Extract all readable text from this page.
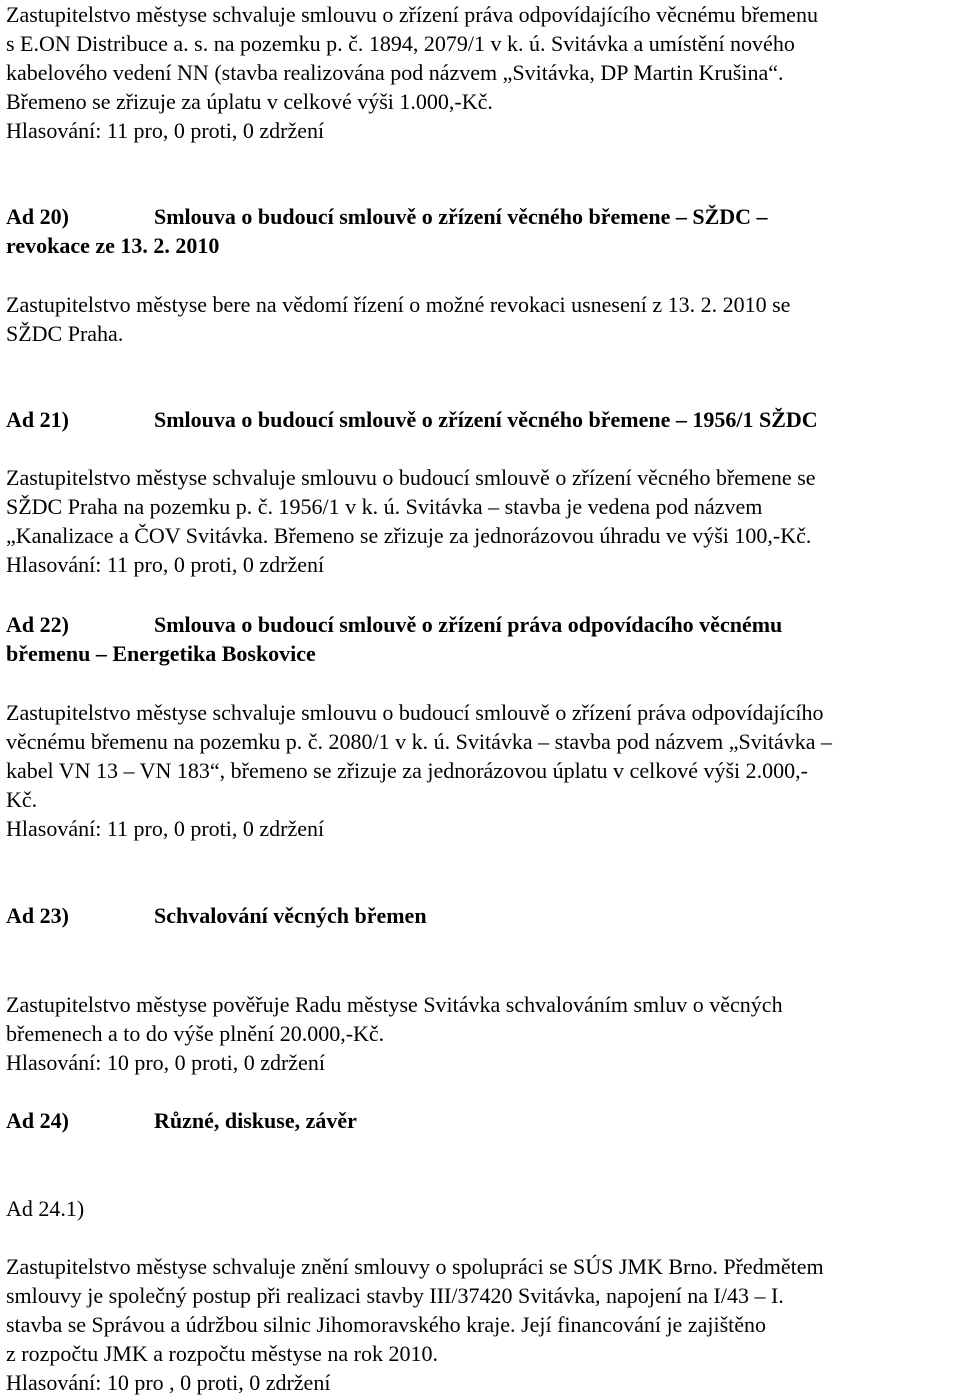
Zastupitelstvo městyse schvaluje smlouvu o zřízení práva odpovídajícího věcnému břemenu
s E.ON Distribuce a. s. na pozemku p. č. 1894, 2079/1 v k. ú. Svitávka a umístění nového
kabelového vedení NN (stavba realizována pod názvem „Svitávka, DP Martin Krušina“.
Břemeno se zřizuje za úplatu v celkové výši 1.000,-Kč.
Hlasování: 11 pro, 0 proti, 0 zdržení
Ad 20)	Smlouva o budoucí smlouvě o zřízení věcného břemene – SŽDC –
revokace ze 13. 2. 2010
Zastupitelstvo městyse bere na vědomí řízení o možné revokaci usnesení z 13. 2. 2010 se
SŽDC Praha.
Ad 21)	Smlouva o budoucí smlouvě o zřízení věcného břemene – 1956/1 SŽDC
Zastupitelstvo městyse schvaluje smlouvu o budoucí smlouvě o zřízení věcného břemene se
SŽDC Praha na pozemku p. č. 1956/1 v k. ú. Svitávka – stavba je vedena pod názvem
„Kanalizace a ČOV Svitávka. Břemeno se zřizuje za jednorázovou úhradu ve výši 100,-Kč.
Hlasování: 11 pro, 0 proti, 0 zdržení
Ad 22)	Smlouva o budoucí smlouvě o zřízení práva odpovídacího věcnému
břemenu – Energetika Boskovice
Zastupitelstvo městyse schvaluje smlouvu o budoucí smlouvě o zřízení práva odpovídajícího
věcnému břemenu na pozemku p. č. 2080/1 v k. ú. Svitávka – stavba pod názvem „Svitávka –
kabel VN 13 – VN 183“, břemeno se zřizuje za jednorázovou úplatu v celkové výši 2.000,-
Kč.
Hlasování: 11 pro, 0 proti, 0 zdržení
Ad 23)	Schvalování věcných břemen
Zastupitelstvo městyse pověřuje Radu městyse Svitávka schvalováním smluv o věcných
břemenech a to do výše plnění 20.000,-Kč.
Hlasování: 10 pro, 0 proti, 0 zdržení
Ad 24)	Různé, diskuse, závěr
Ad 24.1)
Zastupitelstvo městyse schvaluje znění smlouvy o spolupráci se SÚS JMK Brno. Předmětem
smlouvy je společný postup při realizaci stavby III/37420 Svitávka, napojení na I/43 – I.
stavba se Správou a údržbou silnic Jihomoravského kraje. Její financování je zajištěno
z rozpočtu JMK a rozpočtu městyse na rok 2010.
Hlasování: 10 pro , 0 proti, 0 zdržení
